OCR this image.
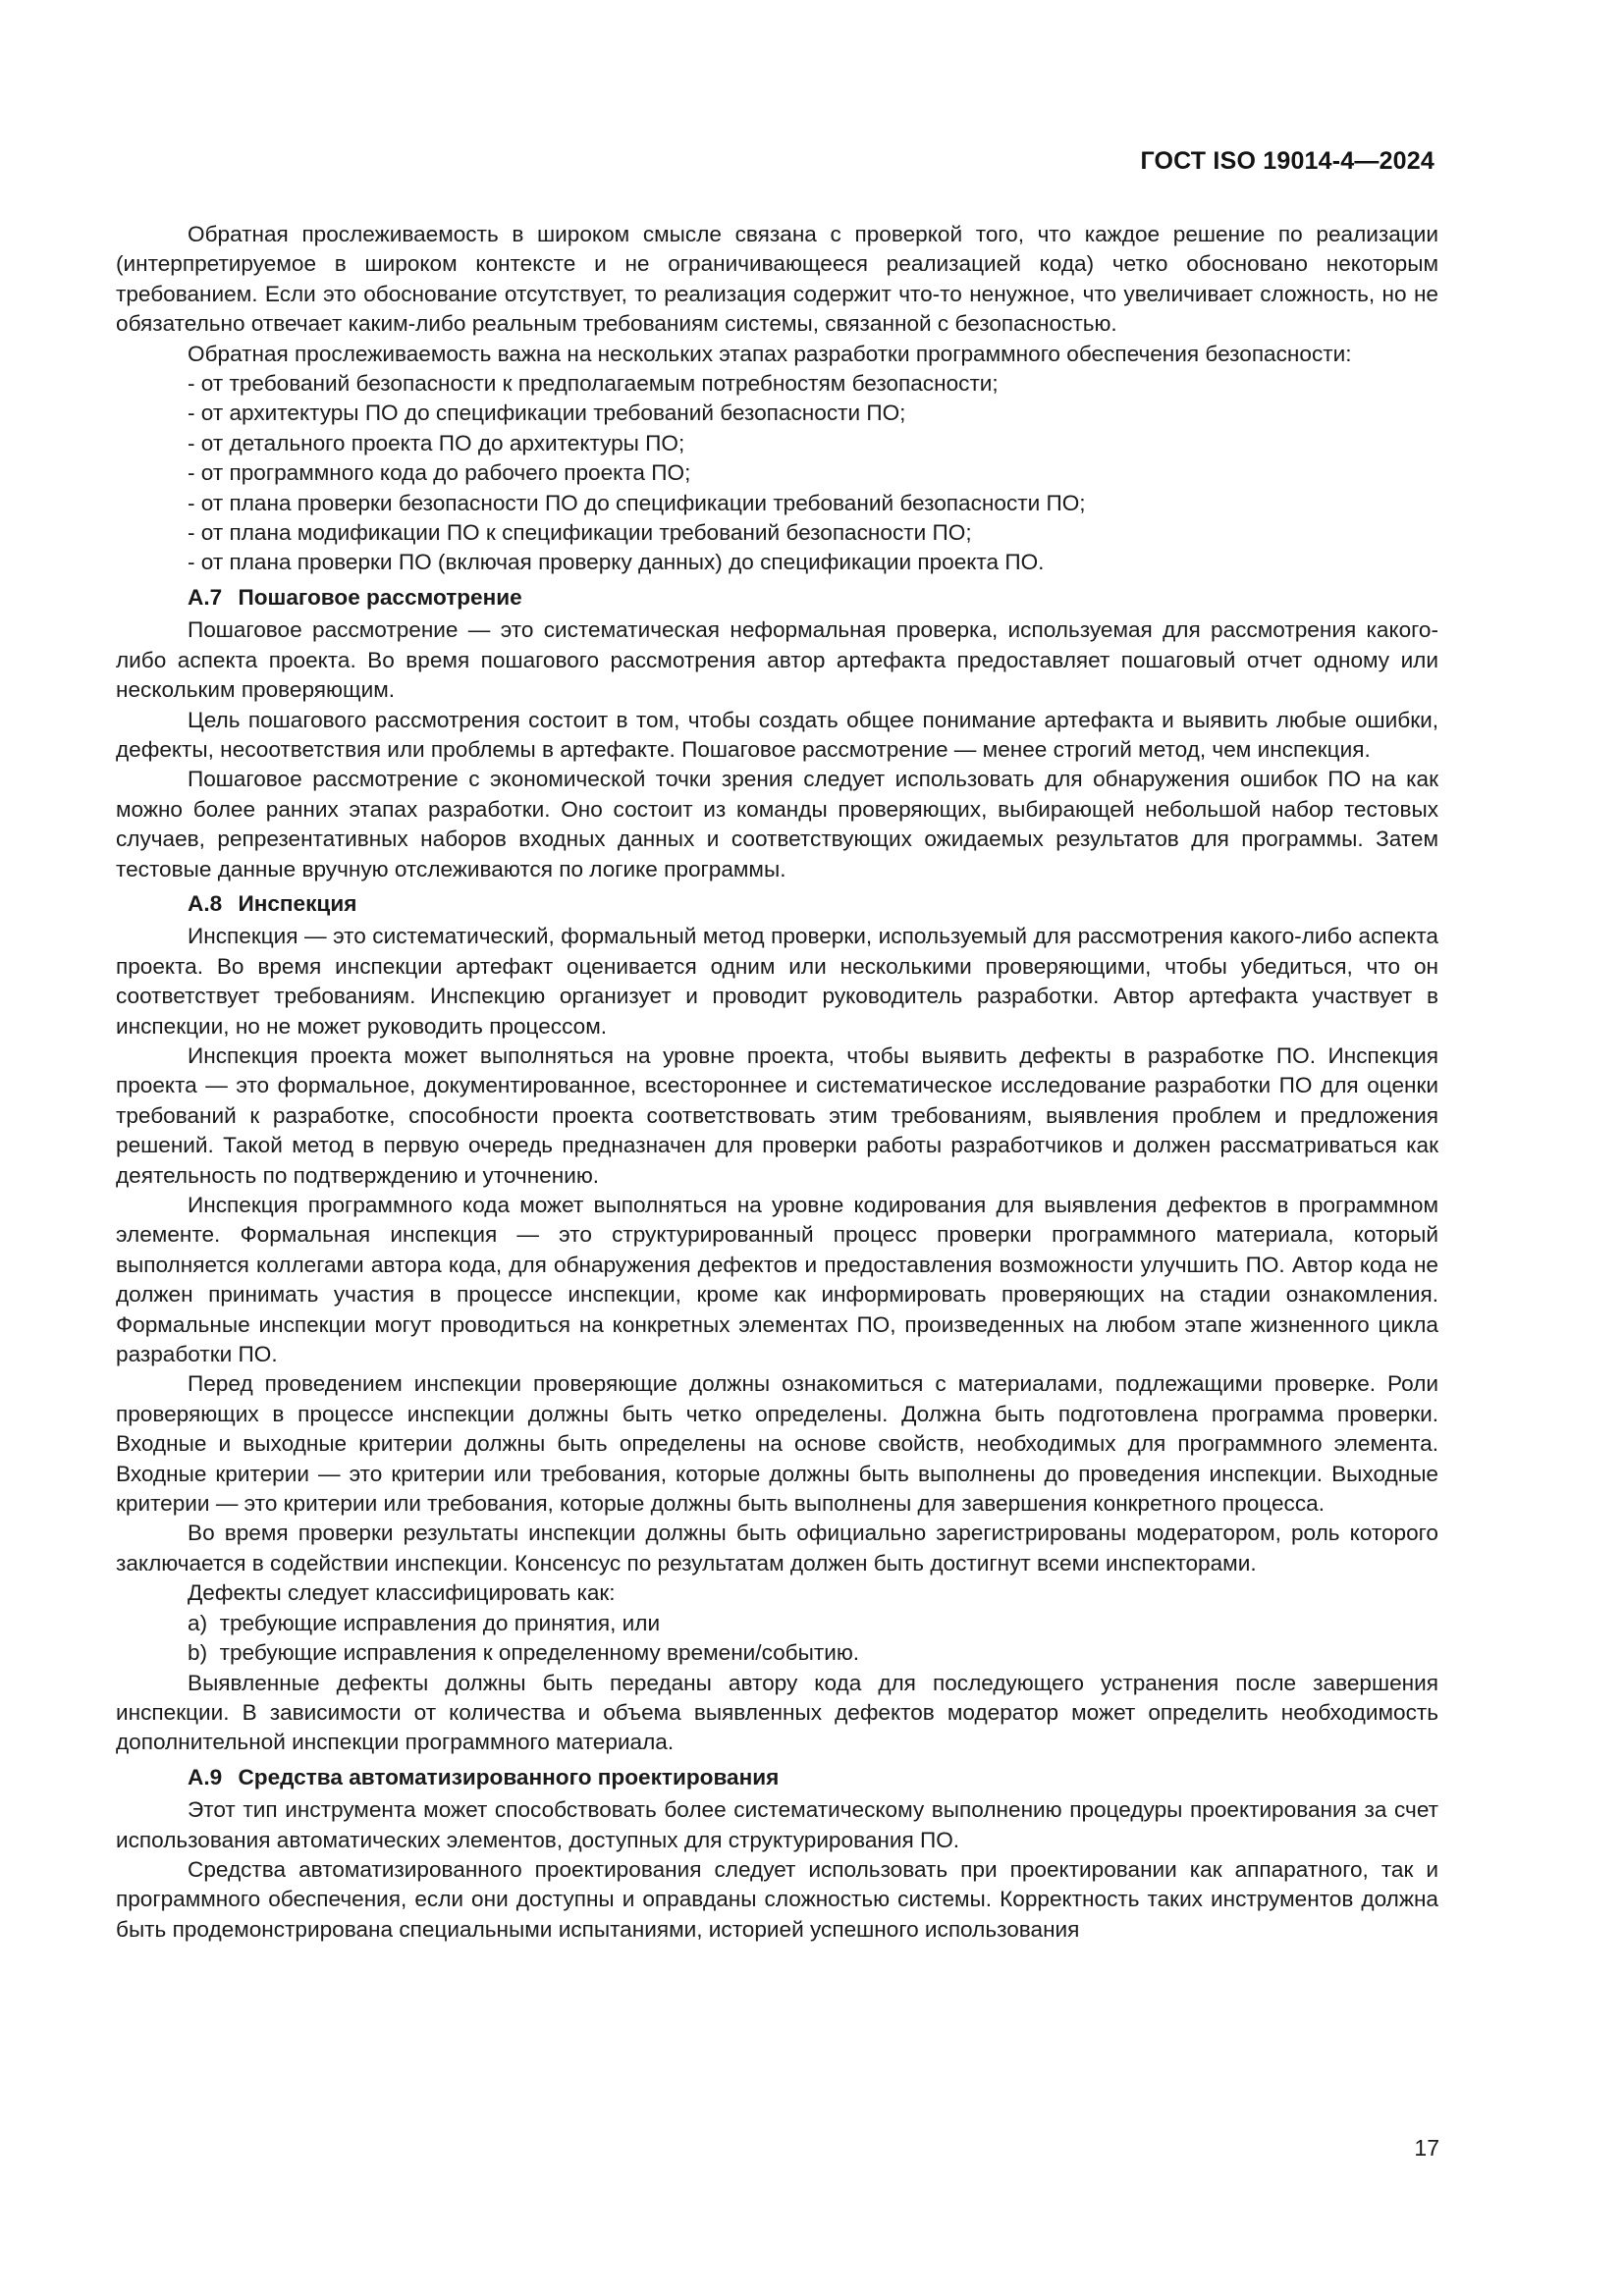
ГОСТ ISO 19014-4—2024

Обратная прослеживаемость в широком смысле связана с проверкой того, что каждое решение по реализации (интерпретируемое в широком контексте и не ограничивающееся реализацией кода) четко обосновано некоторым требованием. Если это обоснование отсутствует, то реализация содержит что-то ненужное, что увеличивает сложность, но не обязательно отвечает каким-либо реальным требованиям системы, связанной с безопасностью.

Обратная прослеживаемость важна на нескольких этапах разработки программного обеспечения безопасности:

- от требований безопасности к предполагаемым потребностям безопасности;

- от архитектуры ПО до спецификации требований безопасности ПО;

- от детального проекта ПО до архитектуры ПО;

- от программного кода до рабочего проекта ПО;

- от плана проверки безопасности ПО до спецификации требований безопасности ПО;

- от плана модификации ПО к спецификации требований безопасности ПО;

- от плана проверки ПО (включая проверку данных) до спецификации проекта ПО.

А.7 Пошаговое рассмотрение

Пошаговое рассмотрение — это систематическая неформальная проверка, используемая для рассмотрения какого-либо аспекта проекта. Во время пошагового рассмотрения автор артефакта предоставляет пошаговый отчет одному или нескольким проверяющим.

Цель пошагового рассмотрения состоит в том, чтобы создать общее понимание артефакта и выявить любые ошибки, дефекты, несоответствия или проблемы в артефакте. Пошаговое рассмотрение — менее строгий метод, чем инспекция.

Пошаговое рассмотрение с экономической точки зрения следует использовать для обнаружения ошибок ПО на как можно более ранних этапах разработки. Оно состоит из команды проверяющих, выбирающей небольшой набор тестовых случаев, репрезентативных наборов входных данных и соответствующих ожидаемых результатов для программы. Затем тестовые данные вручную отслеживаются по логике программы.

А.8 Инспекция

Инспекция — это систематический, формальный метод проверки, используемый для рассмотрения какого-либо аспекта проекта. Во время инспекции артефакт оценивается одним или несколькими проверяющими, чтобы убедиться, что он соответствует требованиям. Инспекцию организует и проводит руководитель разработки. Автор артефакта участвует в инспекции, но не может руководить процессом.

Инспекция проекта может выполняться на уровне проекта, чтобы выявить дефекты в разработке ПО. Инспекция проекта — это формальное, документированное, всестороннее и систематическое исследование разработки ПО для оценки требований к разработке, способности проекта соответствовать этим требованиям, выявления проблем и предложения решений. Такой метод в первую очередь предназначен для проверки работы разработчиков и должен рассматриваться как деятельность по подтверждению и уточнению.

Инспекция программного кода может выполняться на уровне кодирования для выявления дефектов в программном элементе. Формальная инспекция — это структурированный процесс проверки программного материала, который выполняется коллегами автора кода, для обнаружения дефектов и предоставления возможности улучшить ПО. Автор кода не должен принимать участия в процессе инспекции, кроме как информировать проверяющих на стадии ознакомления. Формальные инспекции могут проводиться на конкретных элементах ПО, произведенных на любом этапе жизненного цикла разработки ПО.

Перед проведением инспекции проверяющие должны ознакомиться с материалами, подлежащими проверке. Роли проверяющих в процессе инспекции должны быть четко определены. Должна быть подготовлена программа проверки. Входные и выходные критерии должны быть определены на основе свойств, необходимых для программного элемента. Входные критерии — это критерии или требования, которые должны быть выполнены до проведения инспекции. Выходные критерии — это критерии или требования, которые должны быть выполнены для завершения конкретного процесса.

Во время проверки результаты инспекции должны быть официально зарегистрированы модератором, роль которого заключается в содействии инспекции. Консенсус по результатам должен быть достигнут всеми инспекторами.

Дефекты следует классифицировать как:

a)  требующие исправления до принятия, или

b)  требующие исправления к определенному времени/событию.

Выявленные дефекты должны быть переданы автору кода для последующего устранения после завершения инспекции. В зависимости от количества и объема выявленных дефектов модератор может определить необходимость дополнительной инспекции программного материала.

А.9 Средства автоматизированного проектирования

Этот тип инструмента может способствовать более систематическому выполнению процедуры проектирования за счет использования автоматических элементов, доступных для структурирования ПО.

Средства автоматизированного проектирования следует использовать при проектировании как аппаратного, так и программного обеспечения, если они доступны и оправданы сложностью системы. Корректность таких инструментов должна быть продемонстрирована специальными испытаниями, историей успешного использования

17
